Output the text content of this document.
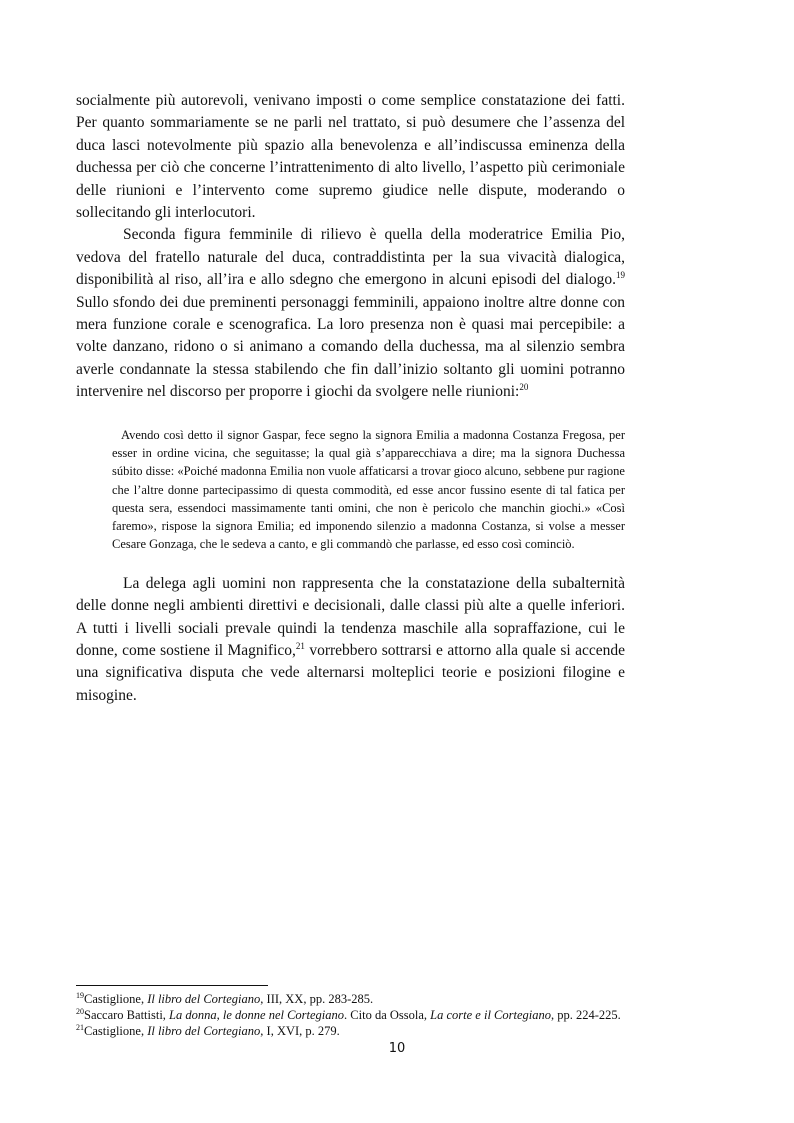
socialmente più autorevoli, venivano imposti o come semplice constatazione dei fatti. Per quanto sommariamente se ne parli nel trattato, si può desumere che l’assenza del duca lasci notevolmente più spazio alla benevolenza e all’indiscussa eminenza della duchessa per ciò che concerne l’intrattenimento di alto livello, l’aspetto più cerimoniale delle riunioni e l’intervento come supremo giudice nelle dispute, moderando o sollecitando gli interlocutori.

Seconda figura femminile di rilievo è quella della moderatrice Emilia Pio, vedova del fratello naturale del duca, contraddistinta per la sua vivacità dialogica, disponibilità al riso, all’ira e allo sdegno che emergono in alcuni episodi del dialogo.$^{19}$ Sullo sfondo dei due preminenti personaggi femminili, appaiono inoltre altre donne con mera funzione corale e scenografica. La loro presenza non è quasi mai percepibile: a volte danzano, ridono o si animano a comando della duchessa, ma al silenzio sembra averle condannate la stessa stabilendo che fin dall’inizio soltanto gli uomini potranno intervenire nel discorso per proporre i giochi da svolgere nelle riunioni:$^{20}$

Avendo così detto il signor Gaspar, fece segno la signora Emilia a madonna Costanza Fregosa, per esser in ordine vicina, che seguitasse; la qual già s’apparecchiava a dire; ma la signora Duchessa súbito disse: «Poiché madonna Emilia non vuole affaticarsi a trovar gioco alcuno, sebbene pur ragione che l’altre donne partecipassimo di questa commodità, ed esse ancor fussino esente di tal fatica per questa sera, essendoci massimamente tanti omini, che non è pericolo che manchin giochi.» «Così faremo», rispose la signora Emilia; ed imponendo silenzio a madonna Costanza, si volse a messer Cesare Gonzaga, che le sedeva a canto, e gli commandò che parlasse, ed esso così cominciò.

La delega agli uomini non rappresenta che la constatazione della subalternità delle donne negli ambienti direttivi e decisionali, dalle classi più alte a quelle inferiori. A tutti i livelli sociali prevale quindi la tendenza maschile alla sopraffazione, cui le donne, come sostiene il Magnifico,$^{21}$ vorrebbero sottrarsi e attorno alla quale si accende una significativa disputa che vede alternarsi molteplici teorie e posizioni filogine e misogine.

$^{19}$Castiglione, Il libro del Cortegiano, III, XX, pp. 283-285.
$^{20}$Saccaro Battisti, La donna, le donne nel Cortegiano. Cito da Ossola, La corte e il Cortegiano, pp. 224-225.
$^{21}$Castiglione, Il libro del Cortegiano, I, XVI, p. 279.
10
